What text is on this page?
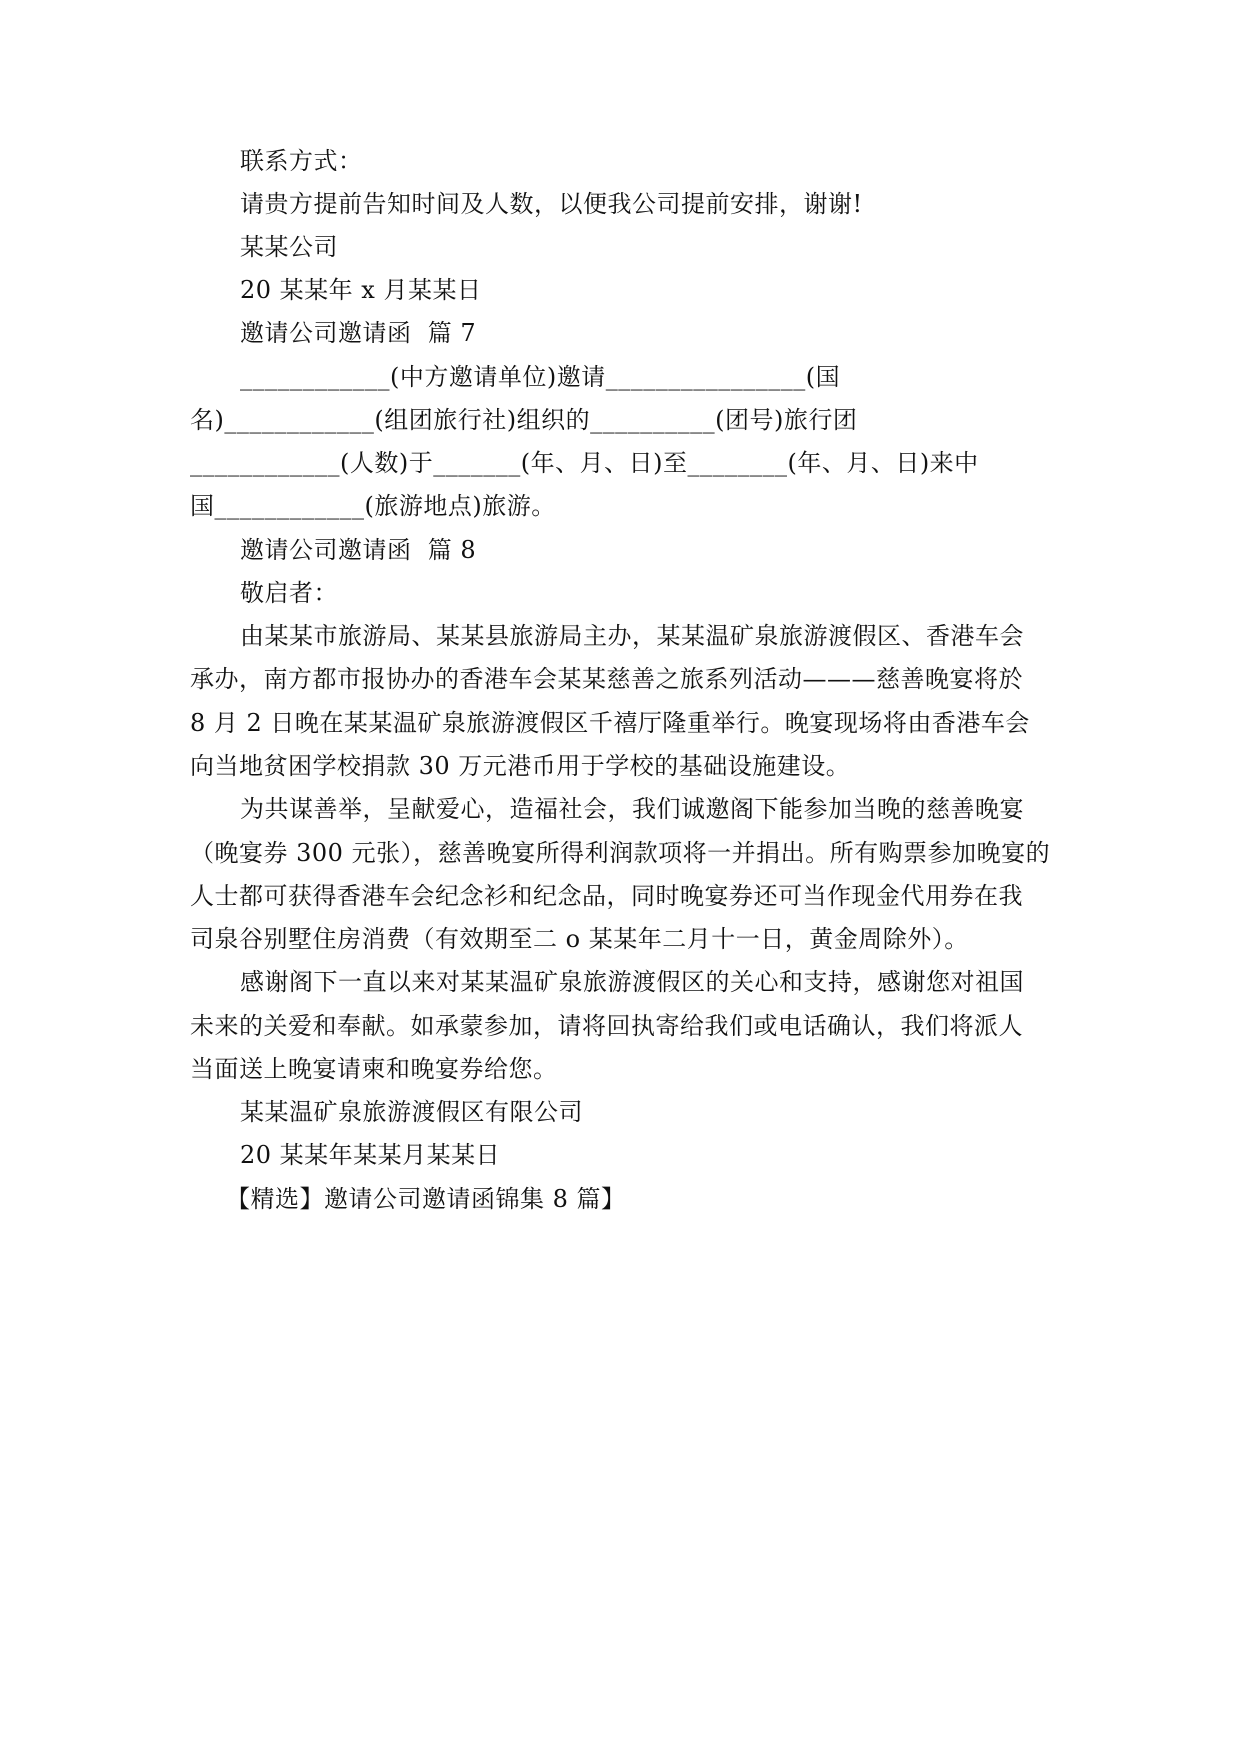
联系方式：
请贵方提前告知时间及人数，以便我公司提前安排，谢谢!
某某公司
20 某某年 x 月某某日
邀请公司邀请函  篇 7
____________(中方邀请单位)邀请________________(国
名)____________(组团旅行社)组织的__________(团号)旅行团
____________(人数)于_______(年、月、日)至________(年、月、日)来中
国____________(旅游地点)旅游。
邀请公司邀请函  篇 8
敬启者：
由某某市旅游局、某某县旅游局主办，某某温矿泉旅游渡假区、香港车会
承办，南方都市报协办的香港车会某某慈善之旅系列活动———慈善晚宴将於
8 月 2 日晚在某某温矿泉旅游渡假区千禧厅隆重举行。晚宴现场将由香港车会
向当地贫困学校捐款 30 万元港币用于学校的基础设施建设。
为共谋善举，呈献爱心，造福社会，我们诚邀阁下能参加当晚的慈善晚宴
（晚宴券 300 元张），慈善晚宴所得利润款项将一并捐出。所有购票参加晚宴的
人士都可获得香港车会纪念衫和纪念品，同时晚宴券还可当作现金代用券在我
司泉谷别墅住房消费（有效期至二 o 某某年二月十一日，黄金周除外）。
感谢阁下一直以来对某某温矿泉旅游渡假区的关心和支持，感谢您对祖国
未来的关爱和奉献。如承蒙参加，请将回执寄给我们或电话确认，我们将派人
当面送上晚宴请柬和晚宴券给您。
某某温矿泉旅游渡假区有限公司
20 某某年某某月某某日
【精选】邀请公司邀请函锦集 8 篇】
